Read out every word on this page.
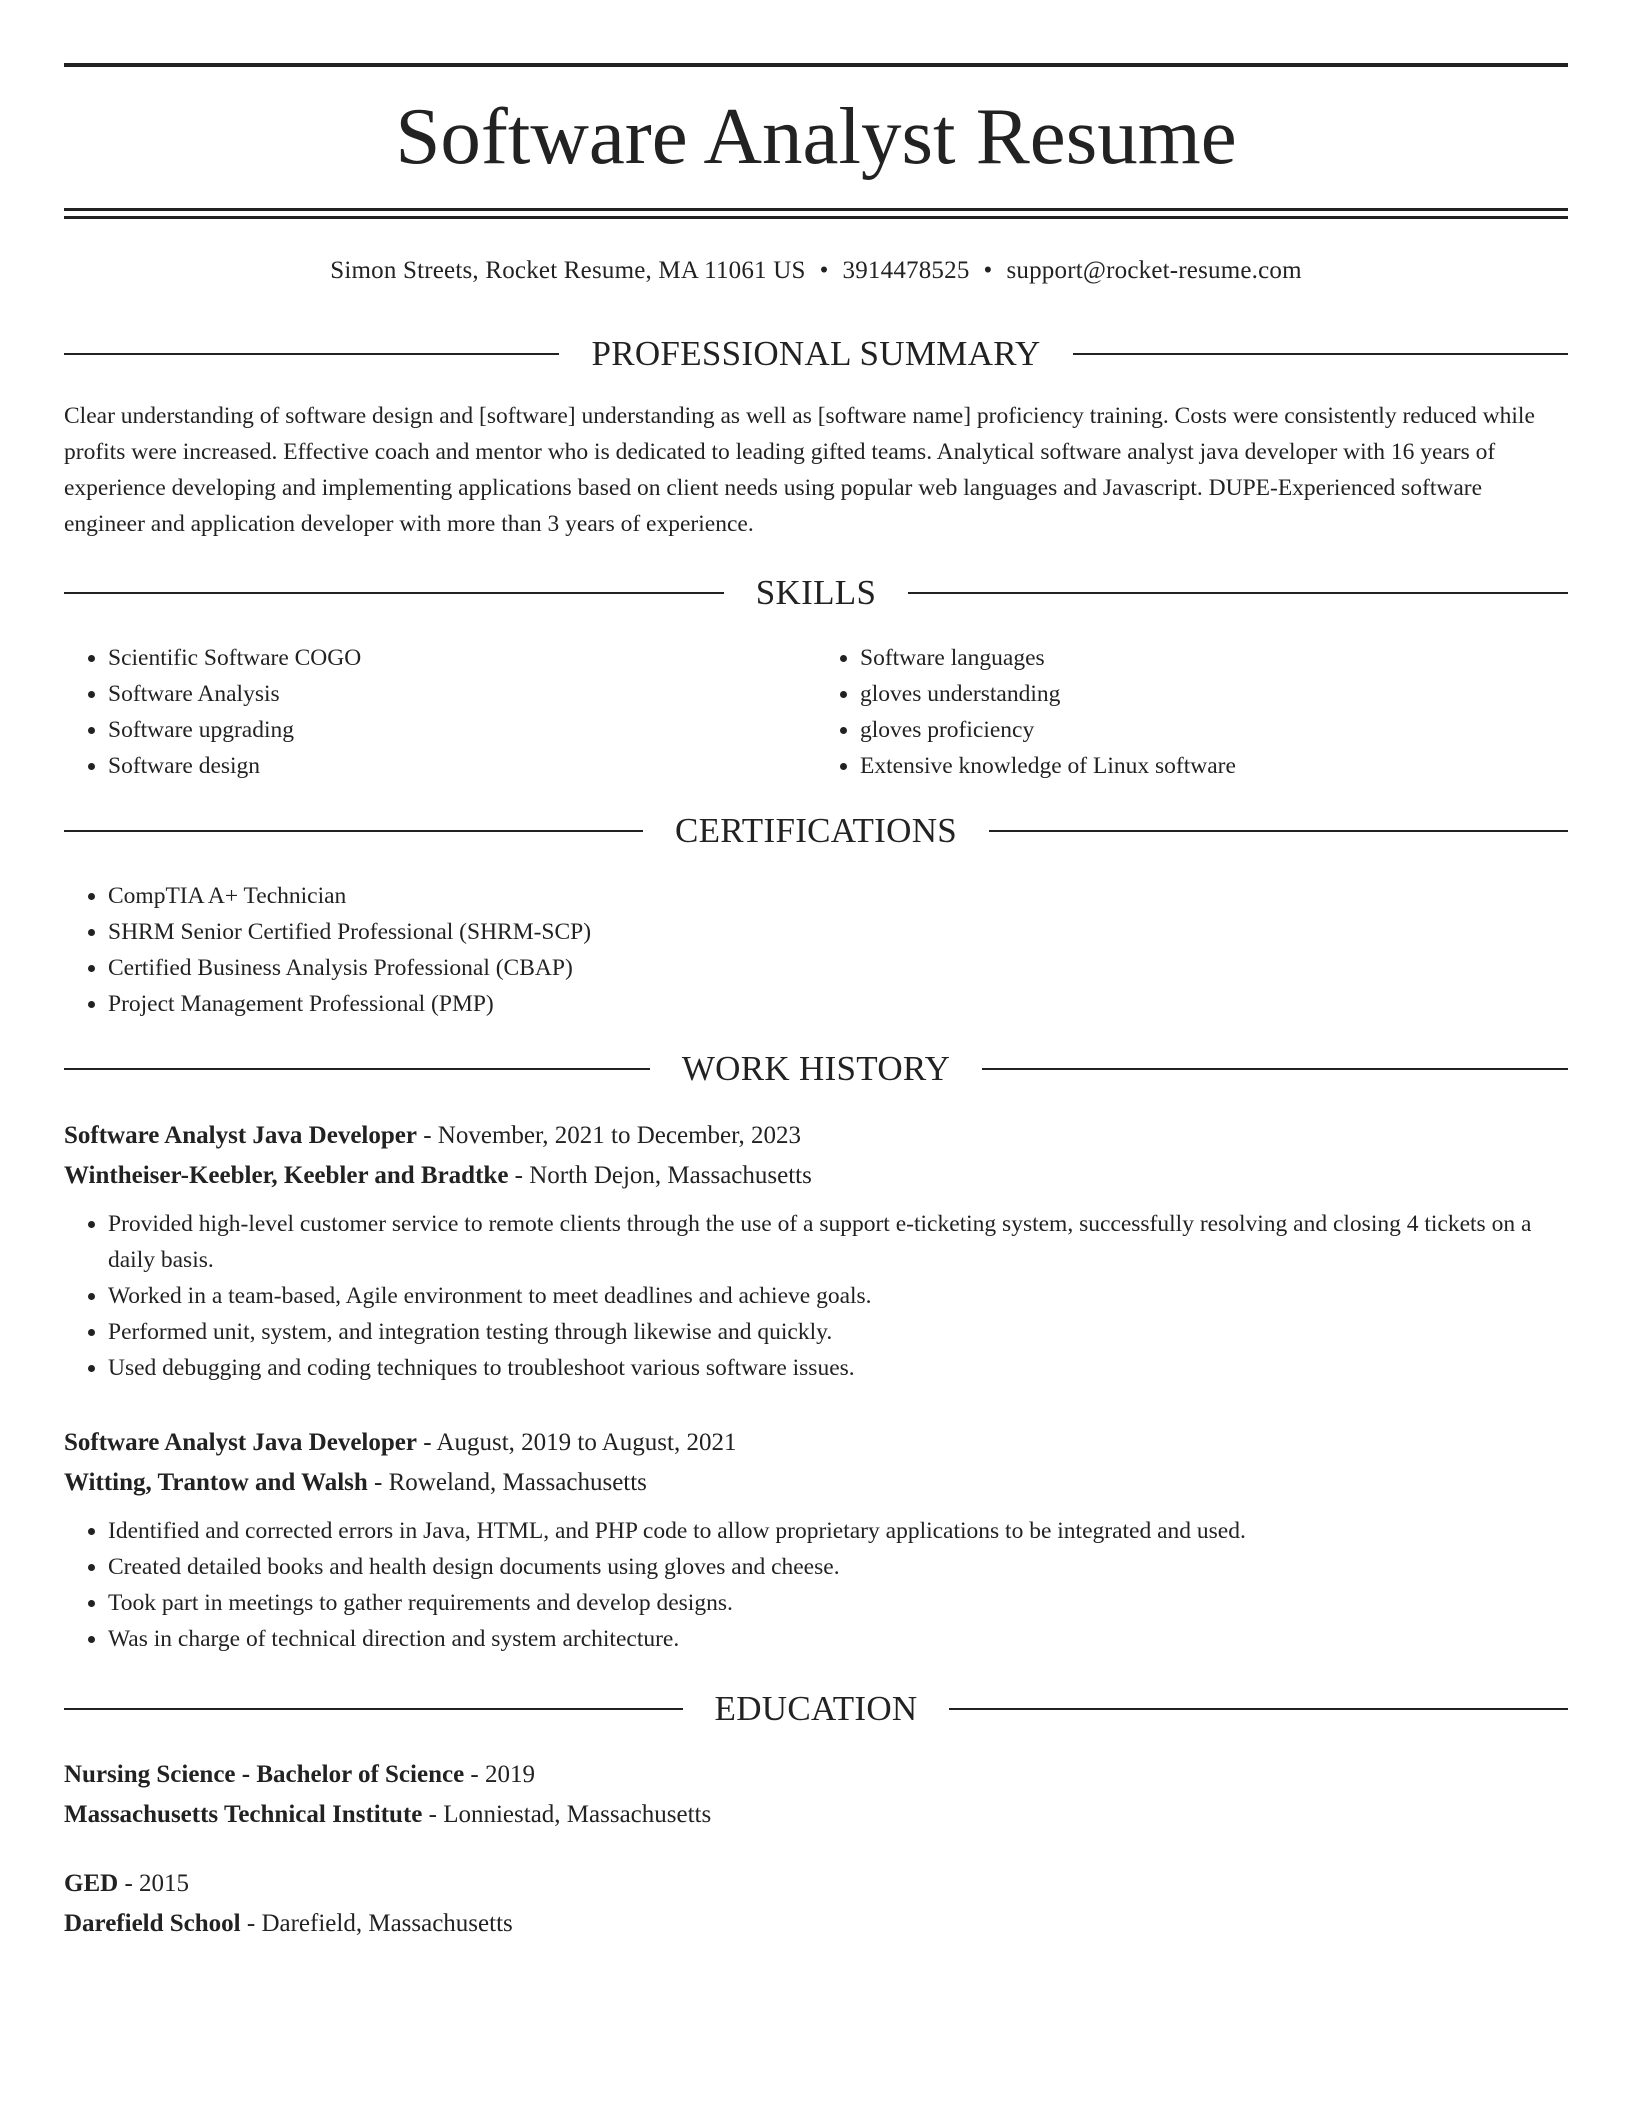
Software Analyst Resume
Simon Streets, Rocket Resume, MA 11061 US • 3914478525 • support@rocket-resume.com
PROFESSIONAL SUMMARY

Clear understanding of software design and [software] understanding as well as [software name] proficiency training. Costs were consistently reduced while profits were increased. Effective coach and mentor who is dedicated to leading gifted teams. Analytical software analyst java developer with 16 years of experience developing and implementing applications based on client needs using popular web languages and Javascript. DUPE-Experienced software engineer and application developer with more than 3 years of experience.

SKILLS
• Scientific Software COGO
• Software Analysis
• Software upgrading
• Software design
• Software languages
• gloves understanding
• gloves proficiency
• Extensive knowledge of Linux software
CERTIFICATIONS
• CompTIA A+ Technician
• SHRM Senior Certified Professional (SHRM-SCP)
• Certified Business Analysis Professional (CBAP)
• Project Management Professional (PMP)
WORK HISTORY
Software Analyst Java Developer - November, 2021 to December, 2023
Wintheiser-Keebler, Keebler and Bradtke - North Dejon, Massachusetts
• Provided high-level customer service to remote clients through the use of a support e-ticketing system, successfully resolving and closing 4 tickets on a daily basis.
• Worked in a team-based, Agile environment to meet deadlines and achieve goals.
• Performed unit, system, and integration testing through likewise and quickly.
• Used debugging and coding techniques to troubleshoot various software issues.
Software Analyst Java Developer - August, 2019 to August, 2021
Witting, Trantow and Walsh - Roweland, Massachusetts
• Identified and corrected errors in Java, HTML, and PHP code to allow proprietary applications to be integrated and used.
• Created detailed books and health design documents using gloves and cheese.
• Took part in meetings to gather requirements and develop designs.
• Was in charge of technical direction and system architecture.
EDUCATION
Nursing Science - Bachelor of Science - 2019
Massachusetts Technical Institute - Lonniestad, Massachusetts
GED - 2015
Darefield School - Darefield, Massachusetts
